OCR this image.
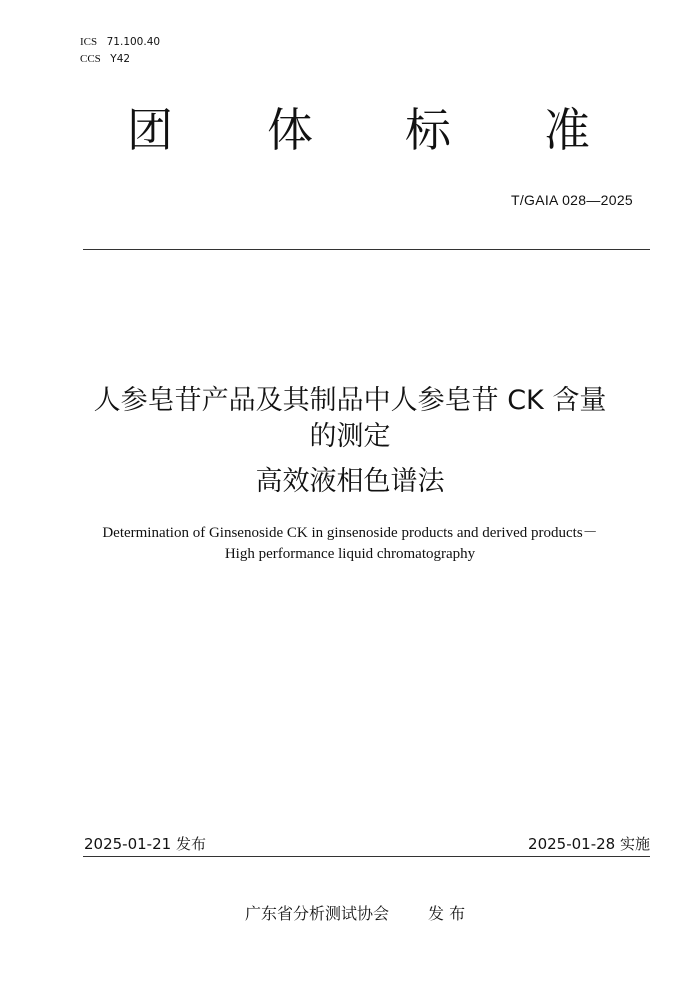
ICS 71.100.40
CCS Y42
团 体 标 准
T/GAIA 028—2025
人参皂苷产品及其制品中人参皂苷 CK 含量
的测定
高效液相色谱法
Determination of Ginsenoside CK in ginsenoside products and derived products－
High performance liquid chromatography
2025-01-21 发布	2025-01-28 实施
广东省分析测试协会 发 布
